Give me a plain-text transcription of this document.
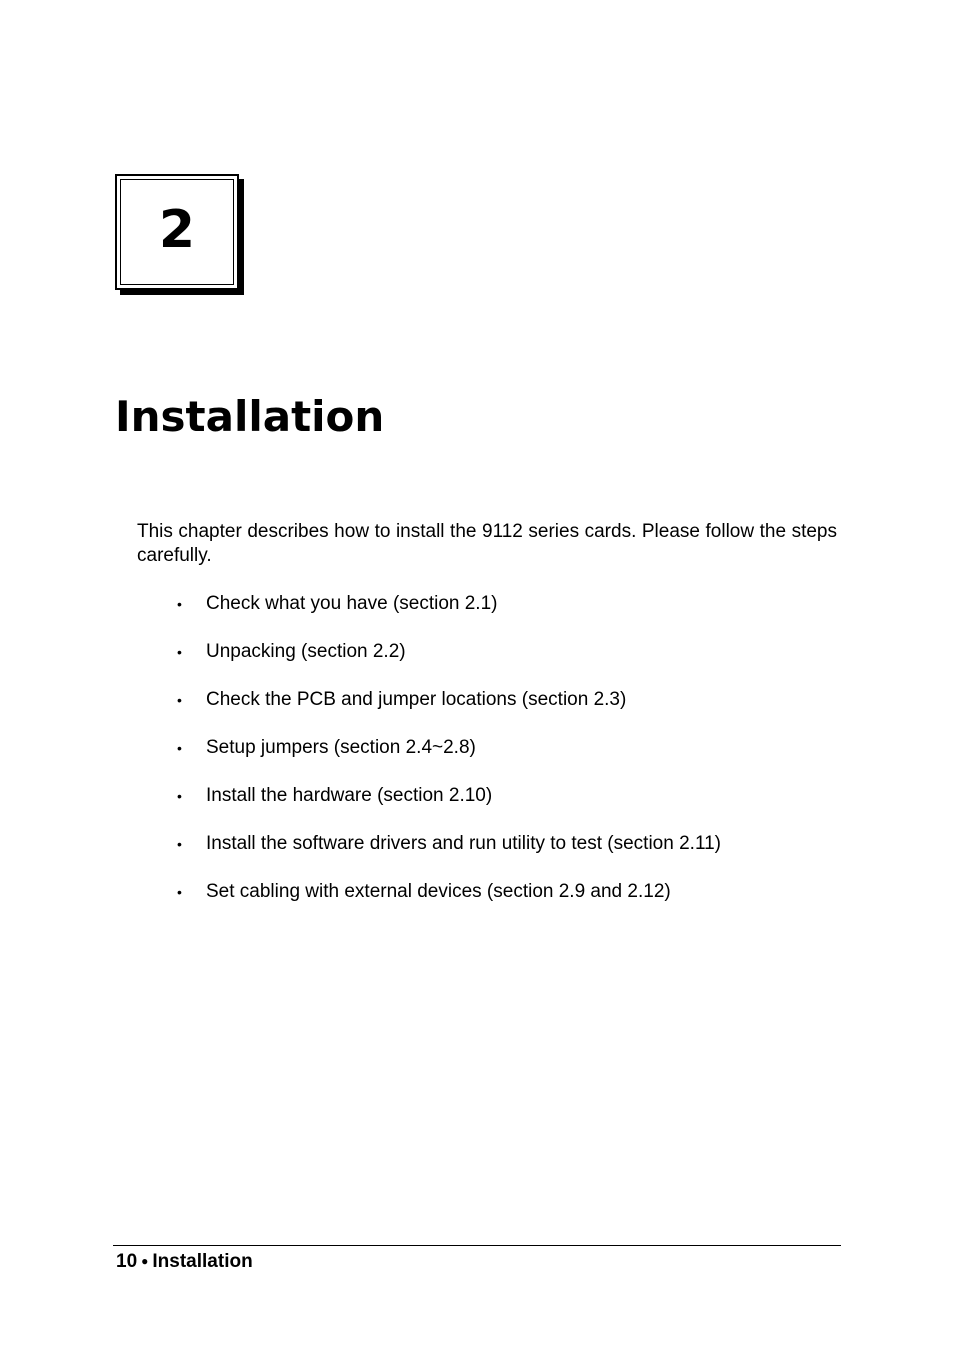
2
Installation

This chapter describes how to install the 9112 series cards. Please follow the steps carefully.

• Check what you have (section 2.1)
• Unpacking (section 2.2)
• Check the PCB and jumper locations (section 2.3)
• Setup jumpers (section 2.4~2.8)
• Install the hardware (section 2.10)
• Install the software drivers and run utility to test (section 2.11)
• Set cabling with external devices (section 2.9 and 2.12)
10 ● Installation
